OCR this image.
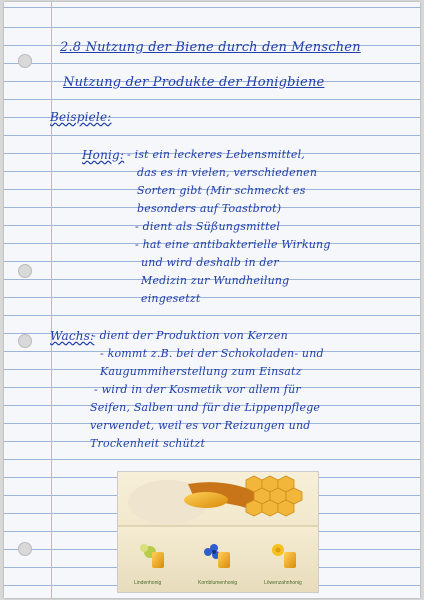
2.8 Nutzung der Biene durch den Menschen
Nutzung der Produkte der Honigbiene
Beispiele:
Honig: - ist ein leckeres Lebensmittel,
das es in vielen, verschiedenen
Sorten gibt (Mir schmeckt es
besonders auf Toastbrot)
- dient als Süßungsmittel
- hat eine antibakterielle Wirkung
und wird deshalb in der
Medizin zur Wundheilung
eingesetzt
Wachs:
- dient der Produktion von Kerzen
- kommt z.B. bei der Schokoladen- und
Kaugummiherstellung zum Einsatz
- wird in der Kosmetik vor allem für
Seifen, Salben und für die Lippenpflege
verwendet, weil es vor Reizungen und
Trockenheit schützt
Lindenhonig	Kornblumenhonig	Löwenzahnhonig
